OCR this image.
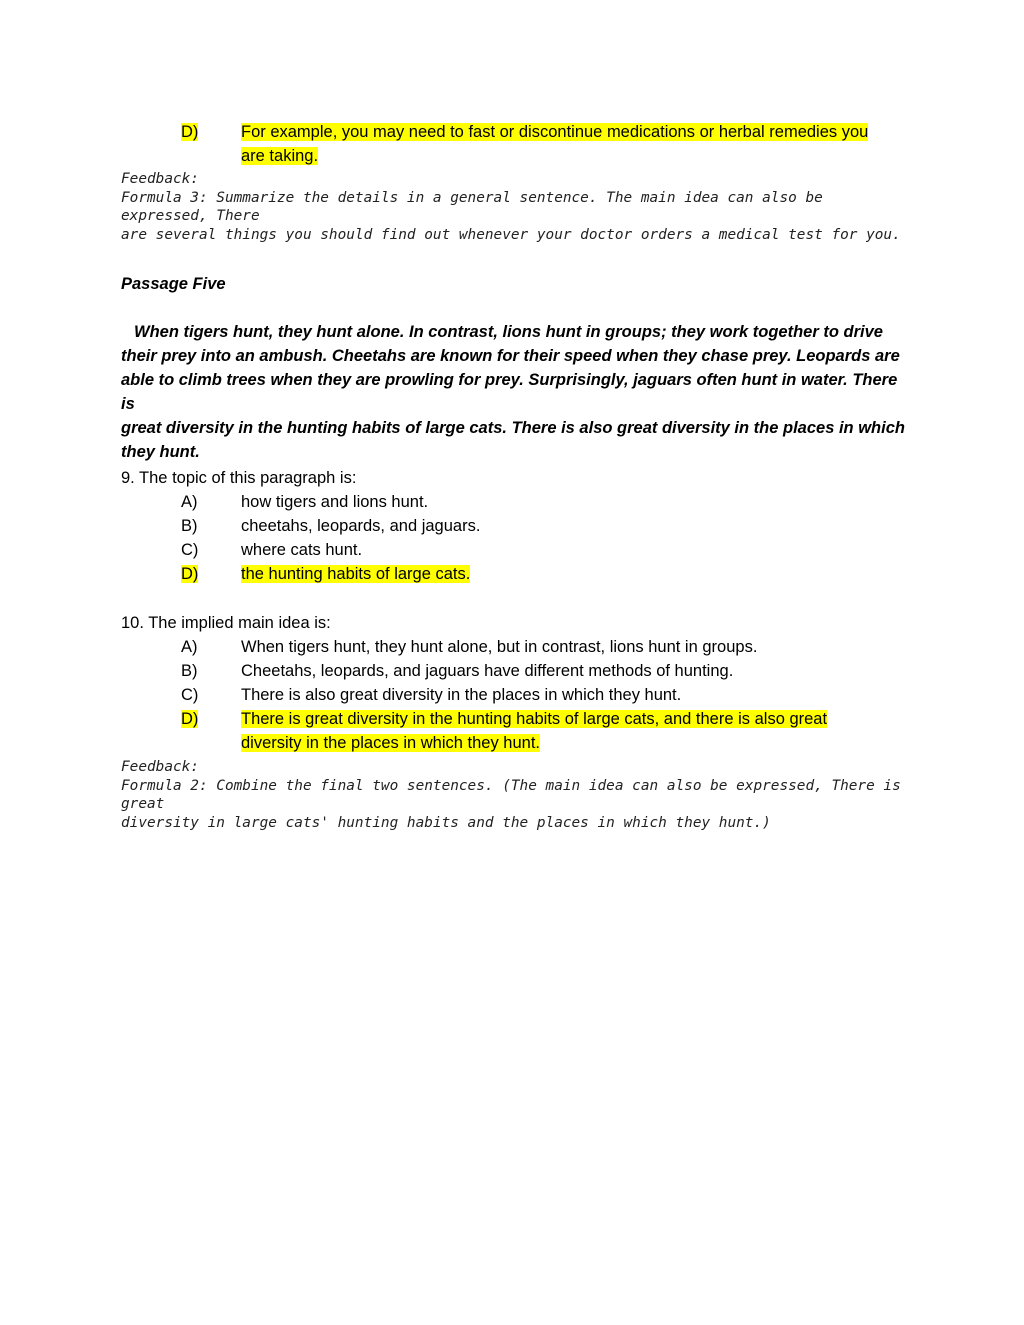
D)	For example, you may need to fast or discontinue medications or herbal remedies you
are taking.
Feedback:
Formula 3: Summarize the details in a general sentence. The main idea can also be expressed, There
are several things you should find out whenever your doctor orders a medical test for you.
Passage Five
When tigers hunt, they hunt alone. In contrast, lions hunt in groups; they work together to drive
their prey into an ambush. Cheetahs are known for their speed when they chase prey. Leopards are
able to climb trees when they are prowling for prey. Surprisingly, jaguars often hunt in water. There is
great diversity in the hunting habits of large cats. There is also great diversity in the places in which
they hunt.
9. The topic of this paragraph is:
A)	how tigers and lions hunt.
B)	cheetahs, leopards, and jaguars.
C)	where cats hunt.
D)	the hunting habits of large cats.
10. The implied main idea is:
A)	When tigers hunt, they hunt alone, but in contrast, lions hunt in groups.
B)	Cheetahs, leopards, and jaguars have different methods of hunting.
C)	There is also great diversity in the places in which they hunt.
D)	There is great diversity in the hunting habits of large cats, and there is also great
diversity in the places in which they hunt.
Feedback:
Formula 2: Combine the final two sentences. (The main idea can also be expressed, There is great
diversity in large cats' hunting habits and the places in which they hunt.)
